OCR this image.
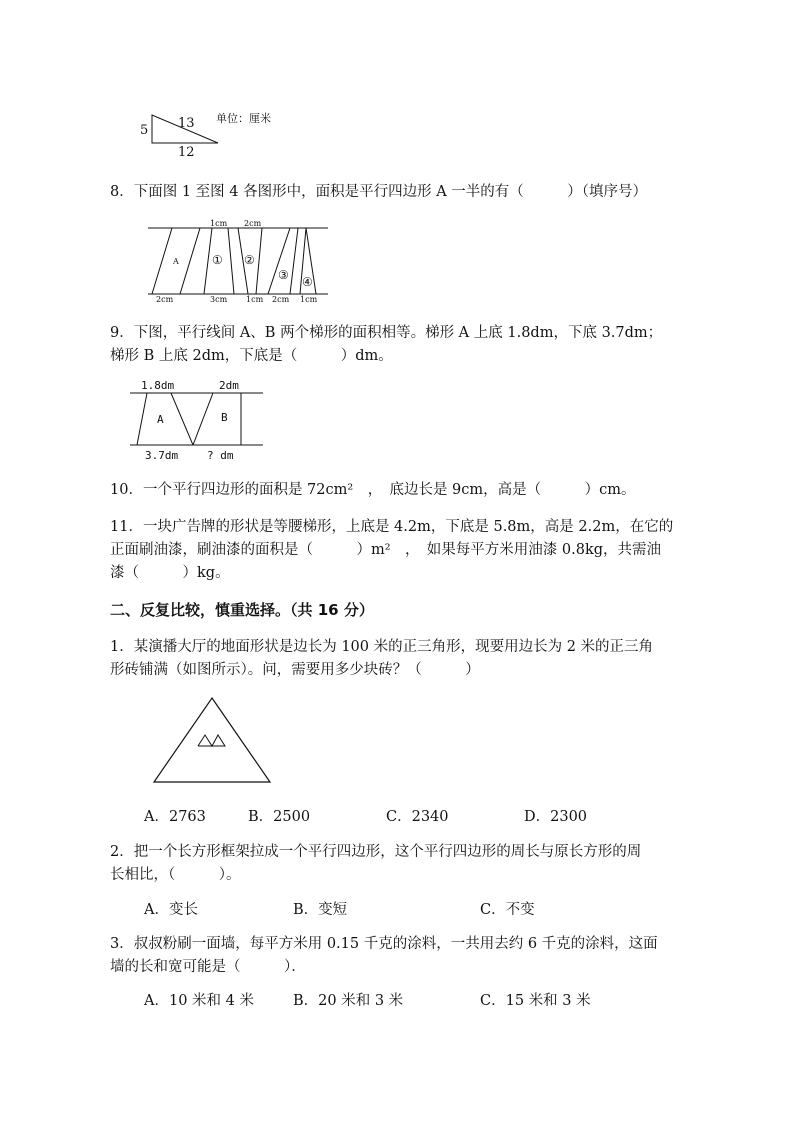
5 13
12
单位：厘米
8．下面图 1 至图 4 各图形中，面积是平行四边形 A 一半的有（　　　）（填序号）
1cm 2cm
A	① ②
③ ④
2cm	3cm 1cm 2cm 1cm
9．下图，平行线间 A、B 两个梯形的面积相等。梯形 A 上底 1.8dm，下底 3.7dm；
梯形 B 上底 2dm，下底是（　　　）dm。
1.8dm	2dm
A	B
3.7dm	? dm
10．一个平行四边形的面积是 72cm²　，　底边长是 9cm，高是（　　　）cm。
11．一块广告牌的形状是等腰梯形，上底是 4.2m，下底是 5.8m，高是 2.2m，在它的
正面刷油漆，刷油漆的面积是（　　　）m²　，　如果每平方米用油漆 0.8kg，共需油
漆（　　　）kg。
二、反复比较，慎重选择。（共 16 分）
1．某演播大厅的地面形状是边长为 100 米的正三角形，现要用边长为 2 米的正三角
形砖铺满（如图所示）。问，需要用多少块砖？（　　　）
A．2763	B．2500	C．2340	D．2300
2．把一个长方形框架拉成一个平行四边形，这个平行四边形的周长与原长方形的周
长相比，（　　　）。
A．变长	B．变短	C．不变
3．叔叔粉刷一面墙，每平方米用 0.15 千克的涂料，一共用去约 6 千克的涂料，这面
墙的长和宽可能是（　　　）．
A．10 米和 4 米	B．20 米和 3 米	C．15 米和 3 米
